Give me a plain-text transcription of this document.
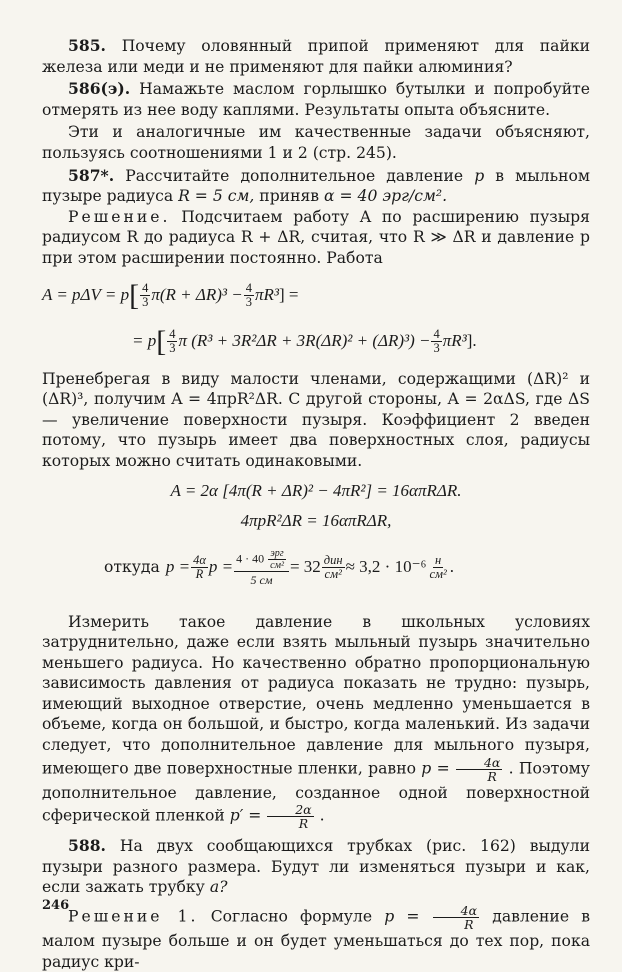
585. Почему оловянный припой применяют для пайки железа или меди и не применяют для пайки алюминия?

586(э). Намажьте маслом горлышко бутылки и попробуйте отмерять из нее воду каплями. Результаты опыта объясните.

Эти и аналогичные им качественные задачи объясняют, пользуясь соотношениями 1 и 2 (стр. 245).

587*. Рассчитайте дополнительное давление p в мыльном пузыре радиуса R = 5 см, приняв α = 40 эрг/см².

Решение. Подсчитаем работу A по расширению пузыря радиусом R до радиуса R + ΔR, считая, что R ≫ ΔR и давление p при этом расширении постоянно. Работа

A = pΔV = p [ $\frac{4}{3} \pi(R + \Delta R)^3 - \frac{4}{3} \pi R^3$ ] =
= p [ $\frac{4}{3}$ π $(R^3 + 3R^2\Delta R + 3R(\Delta R)^2 + (\Delta R)^3) - \frac{4}{3} \pi R^3$ ].

Пренебрегая в виду малости членами, содержащими (ΔR)² и (ΔR)³, получим A = 4πpR²ΔR. С другой стороны, A = 2αΔS, где ΔS — увеличение поверхности пузыря. Коэффициент 2 введен потому, что пузырь имеет два поверхностных слоя, радиусы которых можно считать одинаковыми.

A = 2α [4π(R + ΔR)² − 4πR²] = 16απRΔR.
4πpR²ΔR = 16απRΔR,
откуда $p = \frac{4\alpha}{R}$ $p = \frac{4 \cdot 40 \frac{\text{эрг}}{\text{см²}}}{5 см} = 32 \frac{\text{дин}}{\text{см²}} \approx 3,2 \cdot 10^{-6} \frac{н}{\text{см²}}$ .

Измерить такое давление в школьных условиях затруднительно, даже если взять мыльный пузырь значительно меньшего радиуса. Но качественно обратно пропорциональную зависимость давления от радиуса показать не трудно: пузырь, имеющий выходное отверстие, очень медленно уменьшается в объеме, когда он большой, и быстро, когда маленький. Из задачи следует, что дополнительное давление для мыльного пузыря, имеющего две поверхностные пленки, равно $p = \frac{4\alpha}{R}$ . Поэтому дополнительное давление, созданное одной поверхностной сферической пленкой $p' = \frac{2\alpha}{R}$ .

588. На двух сообщающихся трубках (рис. 162) выдули пузыри разного размера. Будут ли изменяться пузыри и как, если зажать трубку а?

Решение 1. Согласно формуле $p = \frac{4\alpha}{R}$ давление в малом пузыре больше и он будет уменьшаться до тех пор, пока радиус кри-

246
